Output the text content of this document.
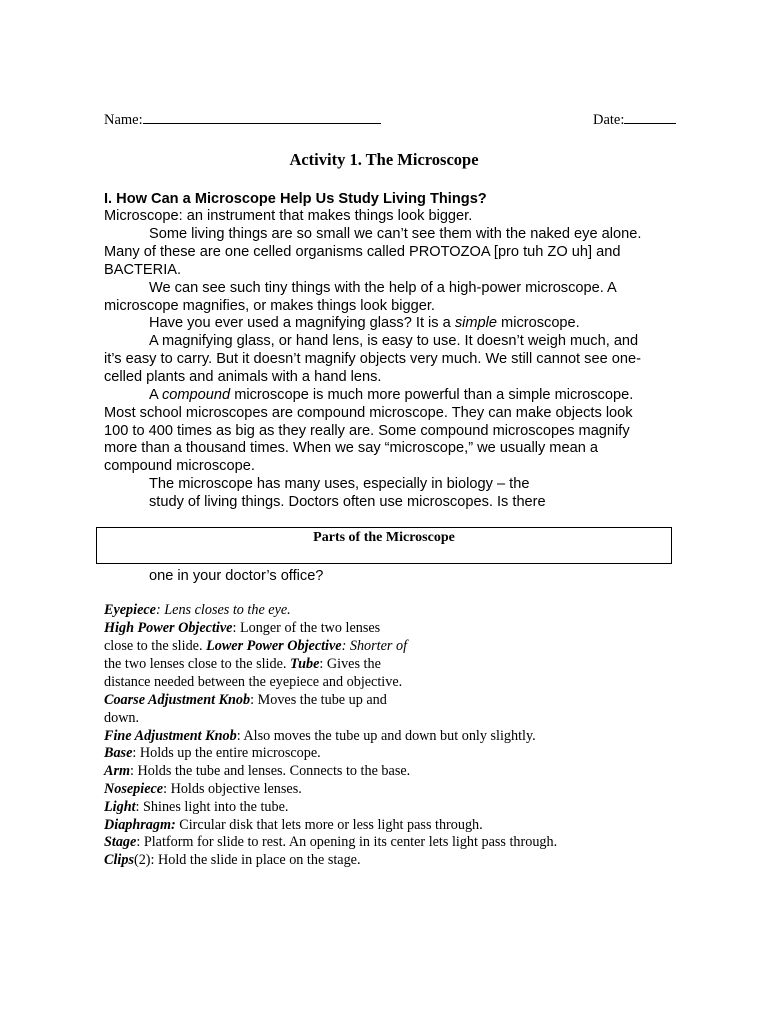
Name:	Date:
Activity 1. The Microscope
I. How Can a Microscope Help Us Study Living Things?
Microscope: an instrument that makes things look bigger.
Some living things are so small we can’t see them with the naked eye alone.
Many of these are one celled organisms called PROTOZOA [pro tuh ZO uh] and
BACTERIA.
We can see such tiny things with the help of a high-power microscope. A
microscope magnifies, or makes things look bigger.
Have you ever used a magnifying glass? It is a simple microscope.
A magnifying glass, or hand lens, is easy to use. It doesn’t weigh much, and
it’s easy to carry. But it doesn’t magnify objects very much. We still cannot see one-
celled plants and animals with a hand lens.
A compound microscope is much more powerful than a simple microscope.
Most school microscopes are compound microscope. They can make objects look
100 to 400 times as big as they really are. Some compound microscopes magnify
more than a thousand times. When we say “microscope,” we usually mean a
compound microscope.
The microscope has many uses, especially in biology – the
study of living things. Doctors often use microscopes. Is there
Parts of the Microscope
one in your doctor’s office?
Eyepiece: Lens closes to the eye.
High Power Objective: Longer of the two lenses
close to the slide. Lower Power Objective: Shorter of
the two lenses close to the slide. Tube: Gives the
distance needed between the eyepiece and objective.
Coarse Adjustment Knob: Moves the tube up and
down.
Fine Adjustment Knob: Also moves the tube up and down but only slightly.
Base: Holds up the entire microscope.
Arm: Holds the tube and lenses. Connects to the base.
Nosepiece: Holds objective lenses.
Light: Shines light into the tube.
Diaphragm: Circular disk that lets more or less light pass through.
Stage: Platform for slide to rest. An opening in its center lets light pass through.
Clips(2): Hold the slide in place on the stage.
